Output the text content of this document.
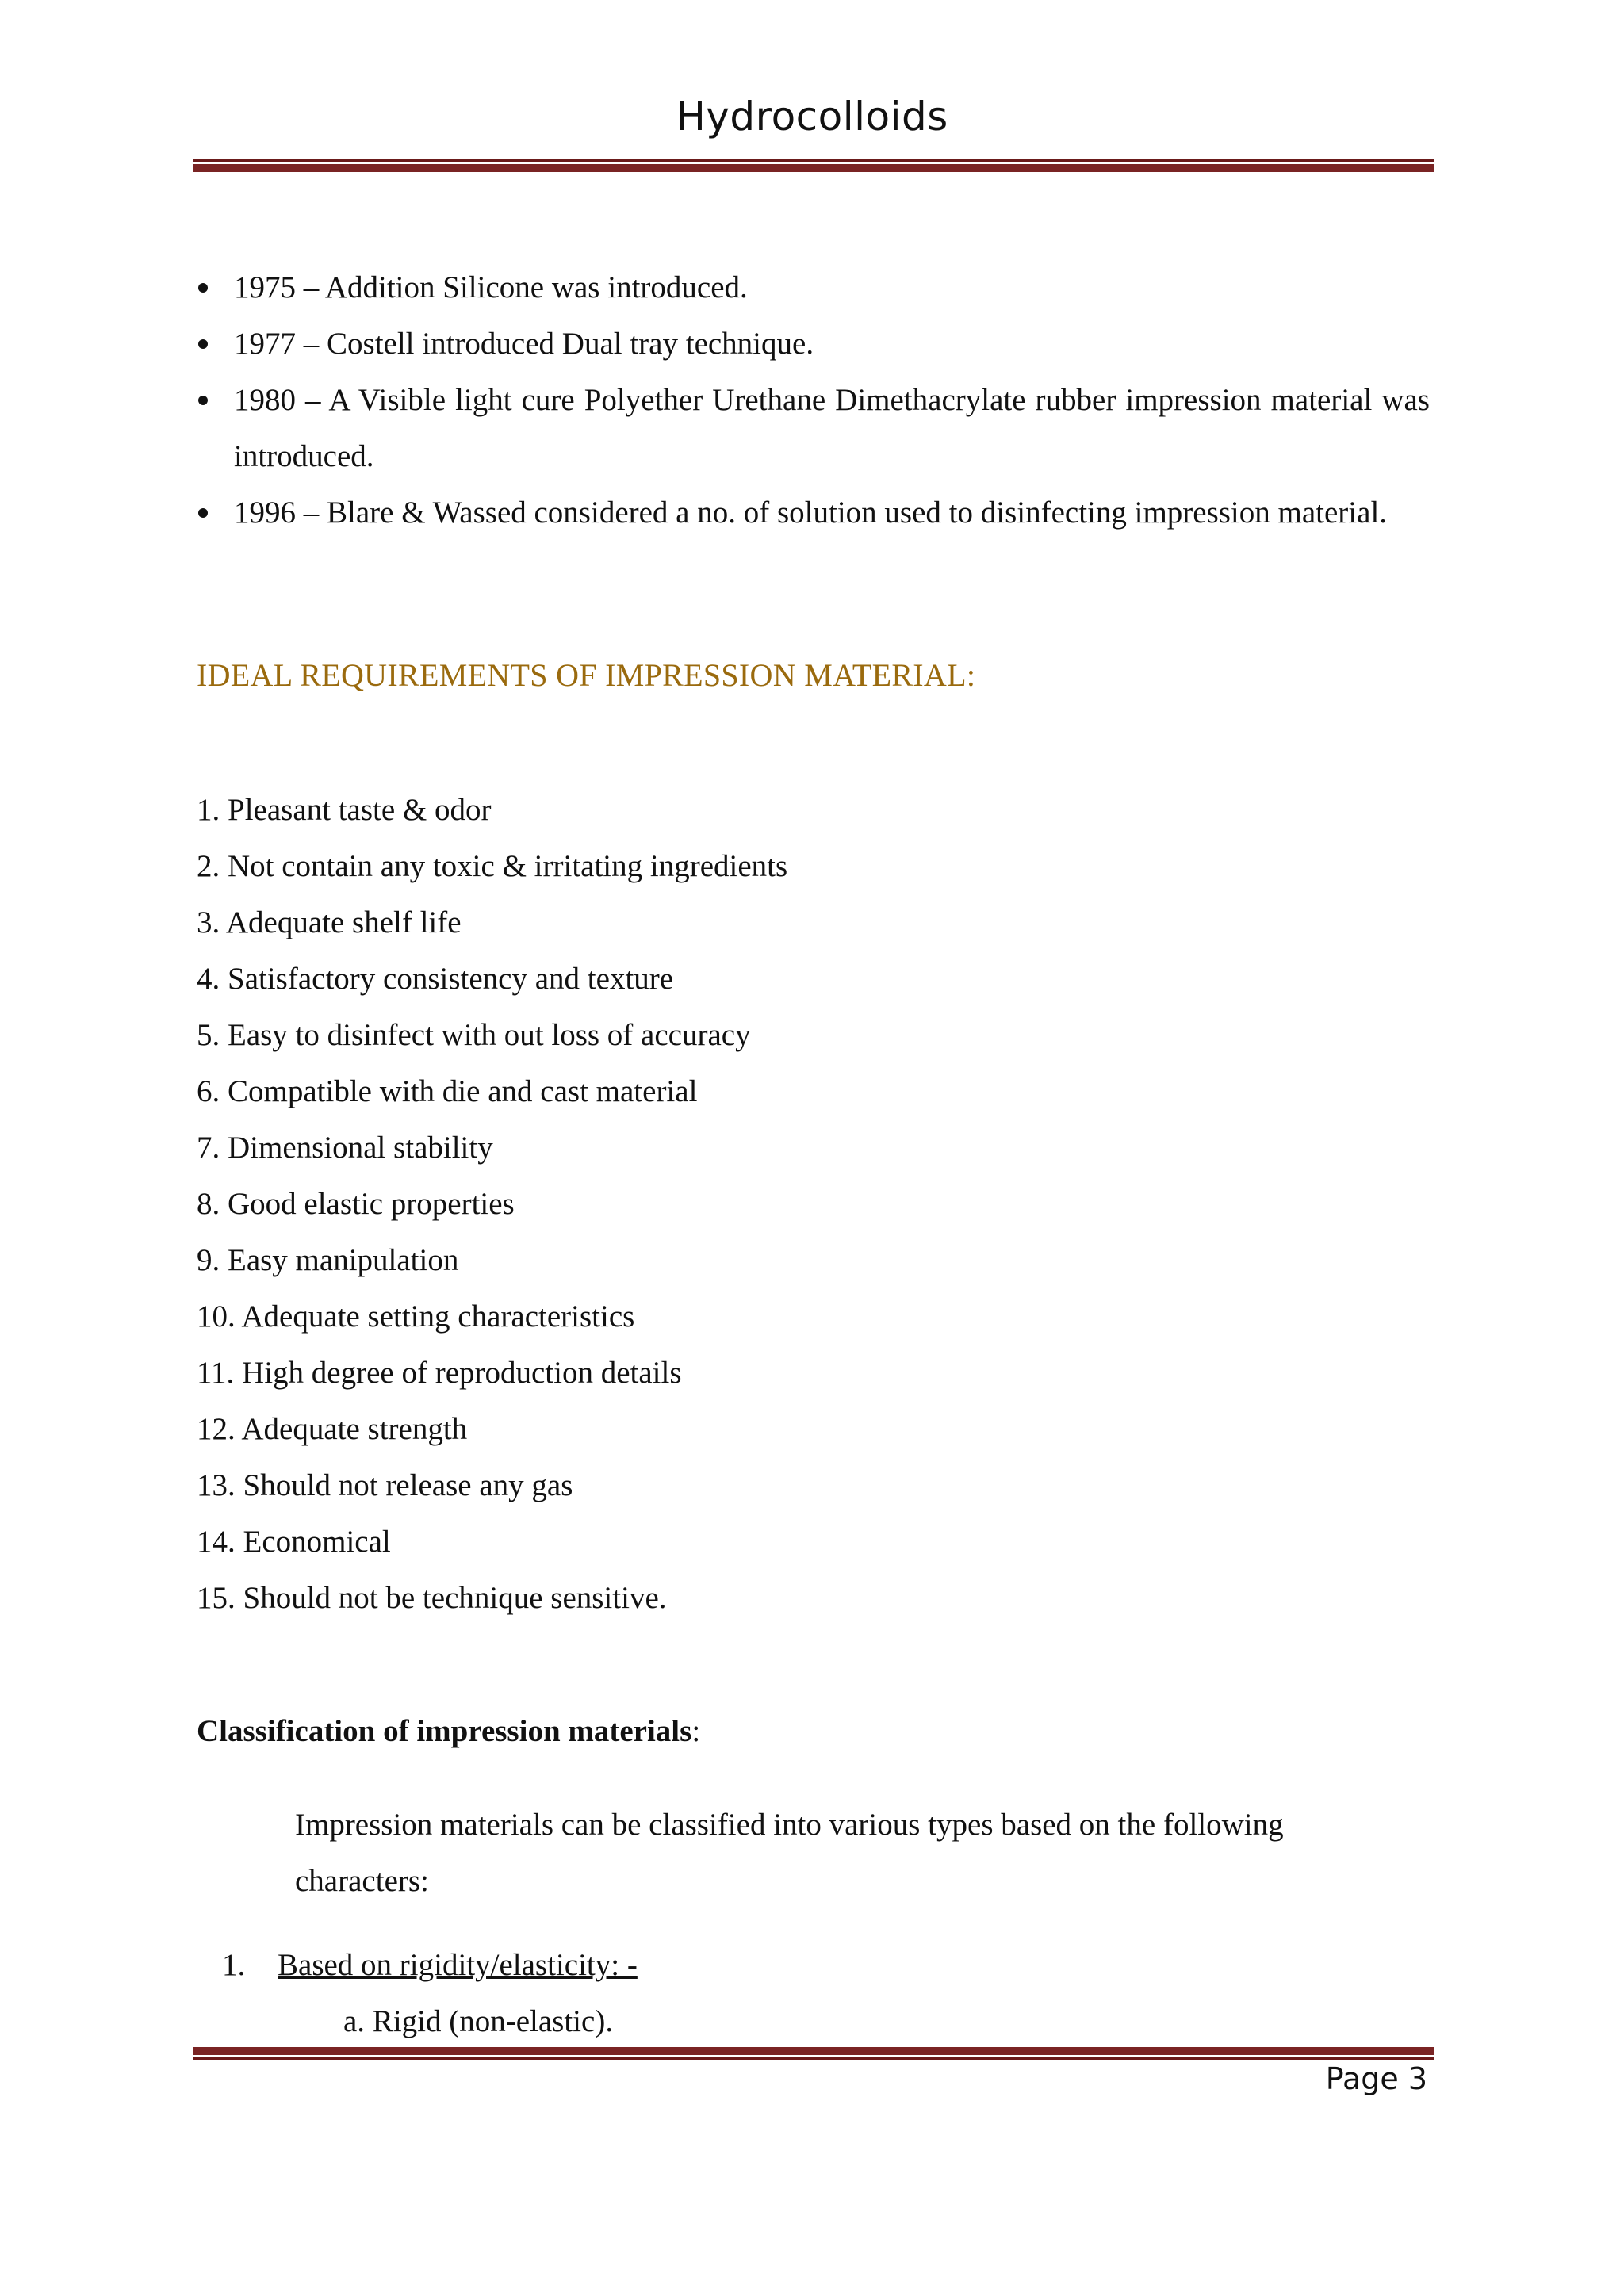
Hydrocolloids
1975 – Addition Silicone was introduced.
1977 – Costell introduced Dual tray technique.
1980 – A Visible light cure Polyether Urethane Dimethacrylate rubber impression material was introduced.
1996 – Blare & Wassed considered a no. of solution used to disinfecting impression material.
IDEAL REQUIREMENTS OF IMPRESSION MATERIAL:
1. Pleasant taste & odor
2. Not contain any toxic & irritating ingredients
3. Adequate shelf life
4. Satisfactory consistency and texture
5. Easy to disinfect with out loss of accuracy
6. Compatible with die and cast material
7. Dimensional stability
8. Good elastic properties
9. Easy manipulation
10. Adequate setting characteristics
11. High degree of reproduction details
12. Adequate strength
13. Should not release any gas
14. Economical
15. Should not be technique sensitive.
Classification of impression materials:
Impression materials can be classified into various types based on the following characters:
1. Based on rigidity/elasticity: -
a. Rigid (non-elastic).
Page 3
